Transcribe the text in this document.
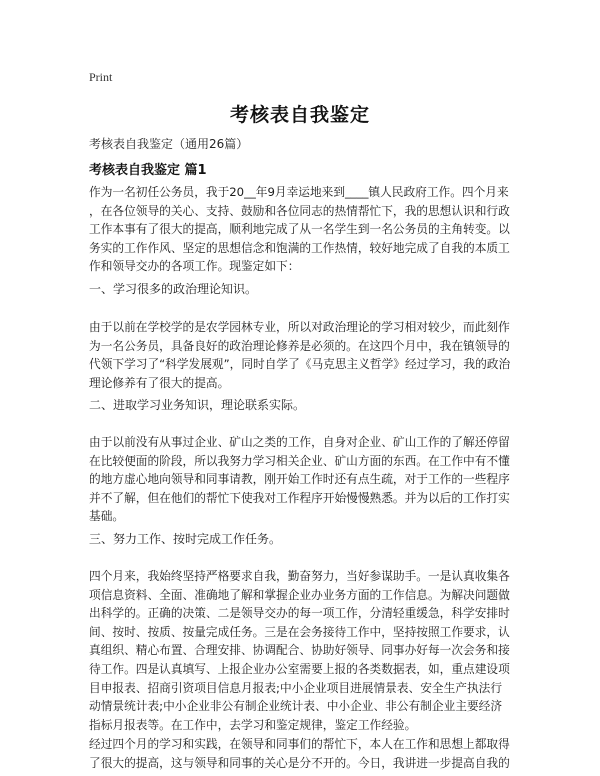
Print
考核表自我鉴定
考核表自我鉴定（通用26篇）
考核表自我鉴定 篇1
作为一名初任公务员，我于20__年9月幸运地来到____镇人民政府工作。四个月来
，在各位领导的关心、支持、鼓励和各位同志的热情帮忙下，我的思想认识和行政
工作本事有了很大的提高，顺利地完成了从一名学生到一名公务员的主角转变。以
务实的工作作风、坚定的思想信念和饱满的工作热情，较好地完成了自我的本质工
作和领导交办的各项工作。现鉴定如下：
一、学习很多的政治理论知识。
由于以前在学校学的是农学园林专业，所以对政治理论的学习相对较少，而此刻作
为一名公务员，具备良好的政治理论修养是必须的。在这四个月中，我在镇领导的
代领下学习了“科学发展观”，同时自学了《马克思主义哲学》经过学习，我的政治
理论修养有了很大的提高。
二、进取学习业务知识，理论联系实际。
由于以前没有从事过企业、矿山之类的工作，自身对企业、矿山工作的了解还停留
在比较便面的阶段，所以我努力学习相关企业、矿山方面的东西。在工作中有不懂
的地方虚心地向领导和同事请教，刚开始工作时还有点生疏，对于工作的一些程序
并不了解，但在他们的帮忙下使我对工作程序开始慢慢熟悉。并为以后的工作打实
基础。
三、努力工作、按时完成工作任务。
四个月来，我始终坚持严格要求自我，勤奋努力，当好参谋助手。一是认真收集各
项信息资料、全面、准确地了解和掌握企业办业务方面的工作信息。为解决问题做
出科学的。正确的决策、二是领导交办的每一项工作，分清轻重缓急，科学安排时
间、按时、按质、按量完成任务。三是在会务接待工作中，坚持按照工作要求，认
真组织、精心布置、合理安排、协调配合、协助好领导、同事办好每一次会务和接
待工作。四是认真填写、上报企业办公室需要上报的各类数据表，如，重点建设项
目申报表、招商引资项目信息月报表;中小企业项目进展情景表、安全生产执法行
动情景统计表;中小企业非公有制企业统计表、中小企业、非公有制企业主要经济
指标月报表等。在工作中，去学习和鉴定规律，鉴定工作经验。
经过四个月的学习和实践，在领导和同事们的帮忙下，本人在工作和思想上都取得
了很大的提高，这与领导和同事的关心是分不开的。今日，我讲进一步提高自我的
